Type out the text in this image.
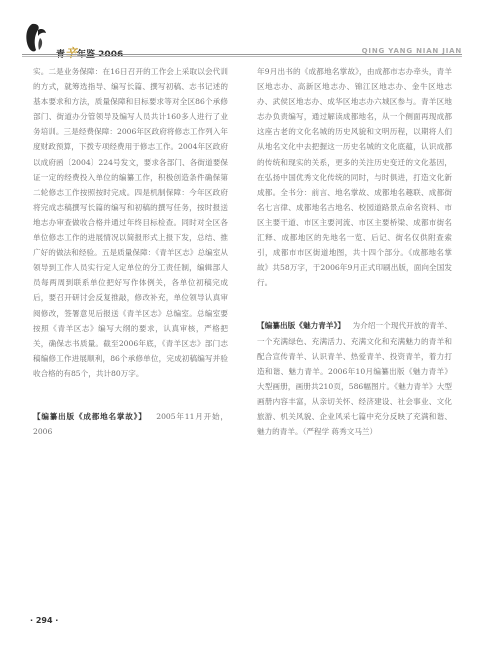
青辛年鉴 2006	QING YANG NIAN JIAN

实。二是业务保障：在16日召开的工作会上采取以会代训的方式，就筹选指导、编写长篇、撰写初稿、志书记述的基本要求和方法，质量保障和目标要求等对全区86个承修部门、街道办分管领导及编写人员共计160多人进行了业务培训。三是经费保障：2006年区政府将修志工作列入年度财政预算，下拨专项经费用于修志工作。2004年区政府以成府函〔2004〕224号发文，要求各部门、各街道要保证一定的经费投入单位的编纂工作，积极创造条件确保第二轮修志工作按照按时完成。四是机制保障：今年区政府将完成志稿撰写长篇的编写和初稿的撰写任务，按时报送地志办审查做收合格并通过年终目标检查。同时对全区各单位修志工作的进展情况以简报形式上报下发，总结、推广好的做法和经验。五是质量保障：《青羊区志》总编室从领导到工作人员实行定人定单位的分工责任制，编辑部人员每两周到联系单位把好写作体例关，各单位初稿完成后，要召开研讨会反复推敲，修改补充，单位领导认真审阅修改，签署意见后报送《青羊区志》总编室。总编室要按照《青羊区志》编写大纲的要求，认真审核，严格把关，确保志书质量。截至2006年底，《青羊区志》部门志稿编修工作进展顺利，86个承修单位，完成初稿编写并验收合格的有85个，共计80万字。

【编纂出版《成都地名掌故》】 2005年11月开始，2006

年9月出书的《成都地名掌故》，由成都市志办牵头，青羊区地志办、高新区地志办、锦江区地志办、金牛区地志办、武侯区地志办、成华区地志办六城区参与。青羊区地志办负责编写，通过解读成都地名，从一个侧面再现成都这座古老的文化名城的历史风貌和文明历程，以期将人们从地名文化中去把握这一历史名城的文化底蕴，认识成都的传统和现实的关系，更多的关注历史变迁的文化基因，在弘扬中国优秀文化传统的同时，与时俱进，打造文化新成都。全书分：前言、地名掌故、成都地名趣联、成都街名七言律、成都地名古地名、校园道路景点命名资料、市区主要干道、市区主要河流、市区主要桥梁、成都市街名汇释、成都地区的先地名一览、后记、街名仅供附查索引，成都市市区街道地图，共十四个部分。《成都地名掌故》共58万字，于2006年9月正式印刷出版，面向全国发行。

【编纂出版《魅力青羊》】 为介绍一个现代开放的青羊、一个充满绿色、充满活力、充满文化和充满魅力的青羊和配合宣传青羊、认识青羊、热爱青羊、投资青羊，着力打造和谐、魅力青羊。2006年10月编纂出版《魅力青羊》大型画册，画册共210页，586幅图片。《魅力青羊》大型画册内容丰富，从亲切关怀、经济建设、社会事业、文化旅游、机关风貌、企业风采七篇中充分反映了充满和谐、魅力的青羊。（严程学 蒋秀文马兰）

· 294 ·
